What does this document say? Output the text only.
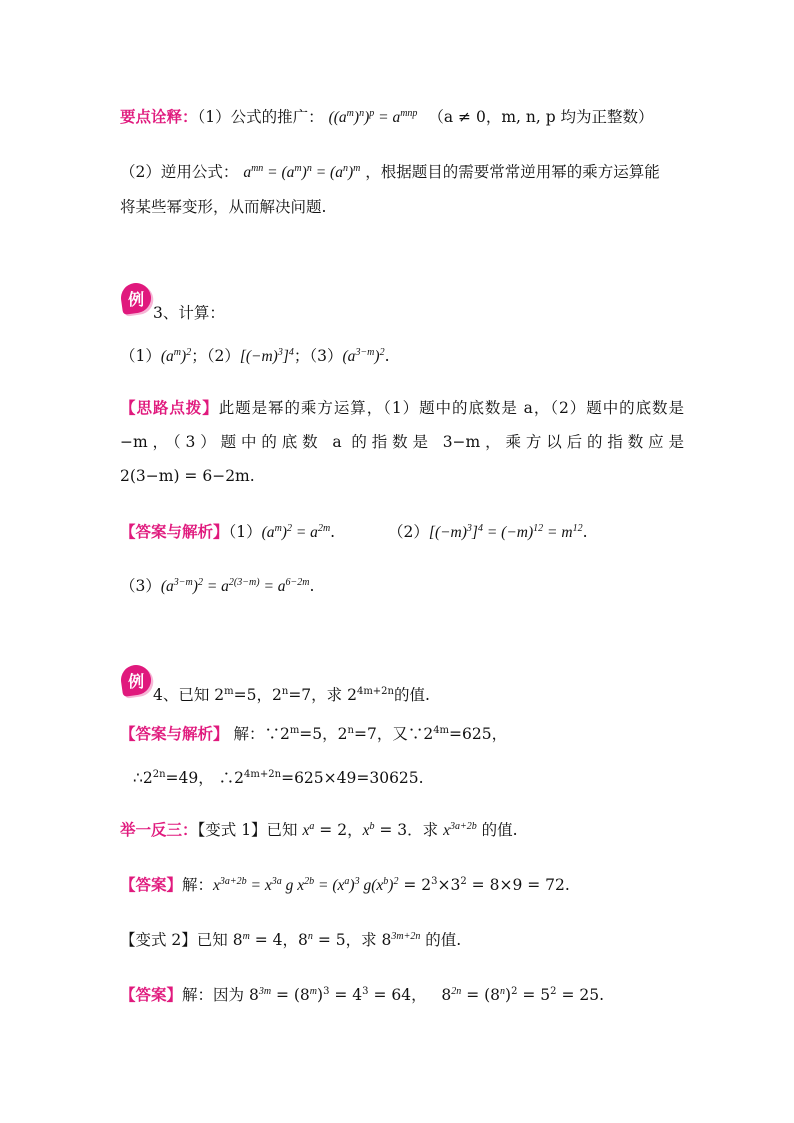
要点诠释：（1）公式的推广： $((a^m)^n)^p = a^{mnp}$ （a ≠ 0，m, n, p 均为正整数）
（2）逆用公式： $a^{mn} = (a^m)^n = (a^n)^m$ ，根据题目的需要常常逆用幂的乘方运算能
将某些幂变形，从而解决问题.
例
3、计算：
$(1)(a^m)^2$；$(2)[(-m)^3]^4$；$(3)(a^{3-m})^2$.
【思路点拨】此题是幂的乘方运算，（1）题中的底数是 a，（2）题中的底数是
−m，（3）题中的底数 a 的指数是 3−m，乘方以后的指数应是
2(3−m) = 6−2m.
【答案与解析】$(1)(a^m)^2 = a^{2m}$.	$(2)[(-m)^3]^4 = (-m)^{12} = m^{12}$.
$(3)(a^{3-m})^2 = a^{2(3-m)} = a^{6-2m}$.
例
4、已知 $2^m=5$，$2^n=7$，求 $2^{4m+2n}$的值.
【答案与解析】 解：$\because 2^m=5$，$2^n=7$，又$\because 2^{4m}=625$，
$\therefore 2^{2n}=49$， $\therefore 2^{4m+2n}=625\times 49=30625$.
举一反三：【变式 1】已知 $x^a = 2$，$x^b = 3$．求 $x^{3a+2b}$ 的值.
【答案】解：$x^{3a+2b} = x^{3a}$ g $x^{2b} = (x^a)^3$ $g(x^b)^2 = 2^3\times 3^2 = 8\times 9 = 72$.
【变式 2】已知 $8^m = 4$，$8^n = 5$，求 $8^{3m+2n}$ 的值.
【答案】解：因为 $8^{3m} = (8^m)^3 = 4^3 = 64$，   $8^{2n} = (8^n)^2 = 5^2 = 25$.
